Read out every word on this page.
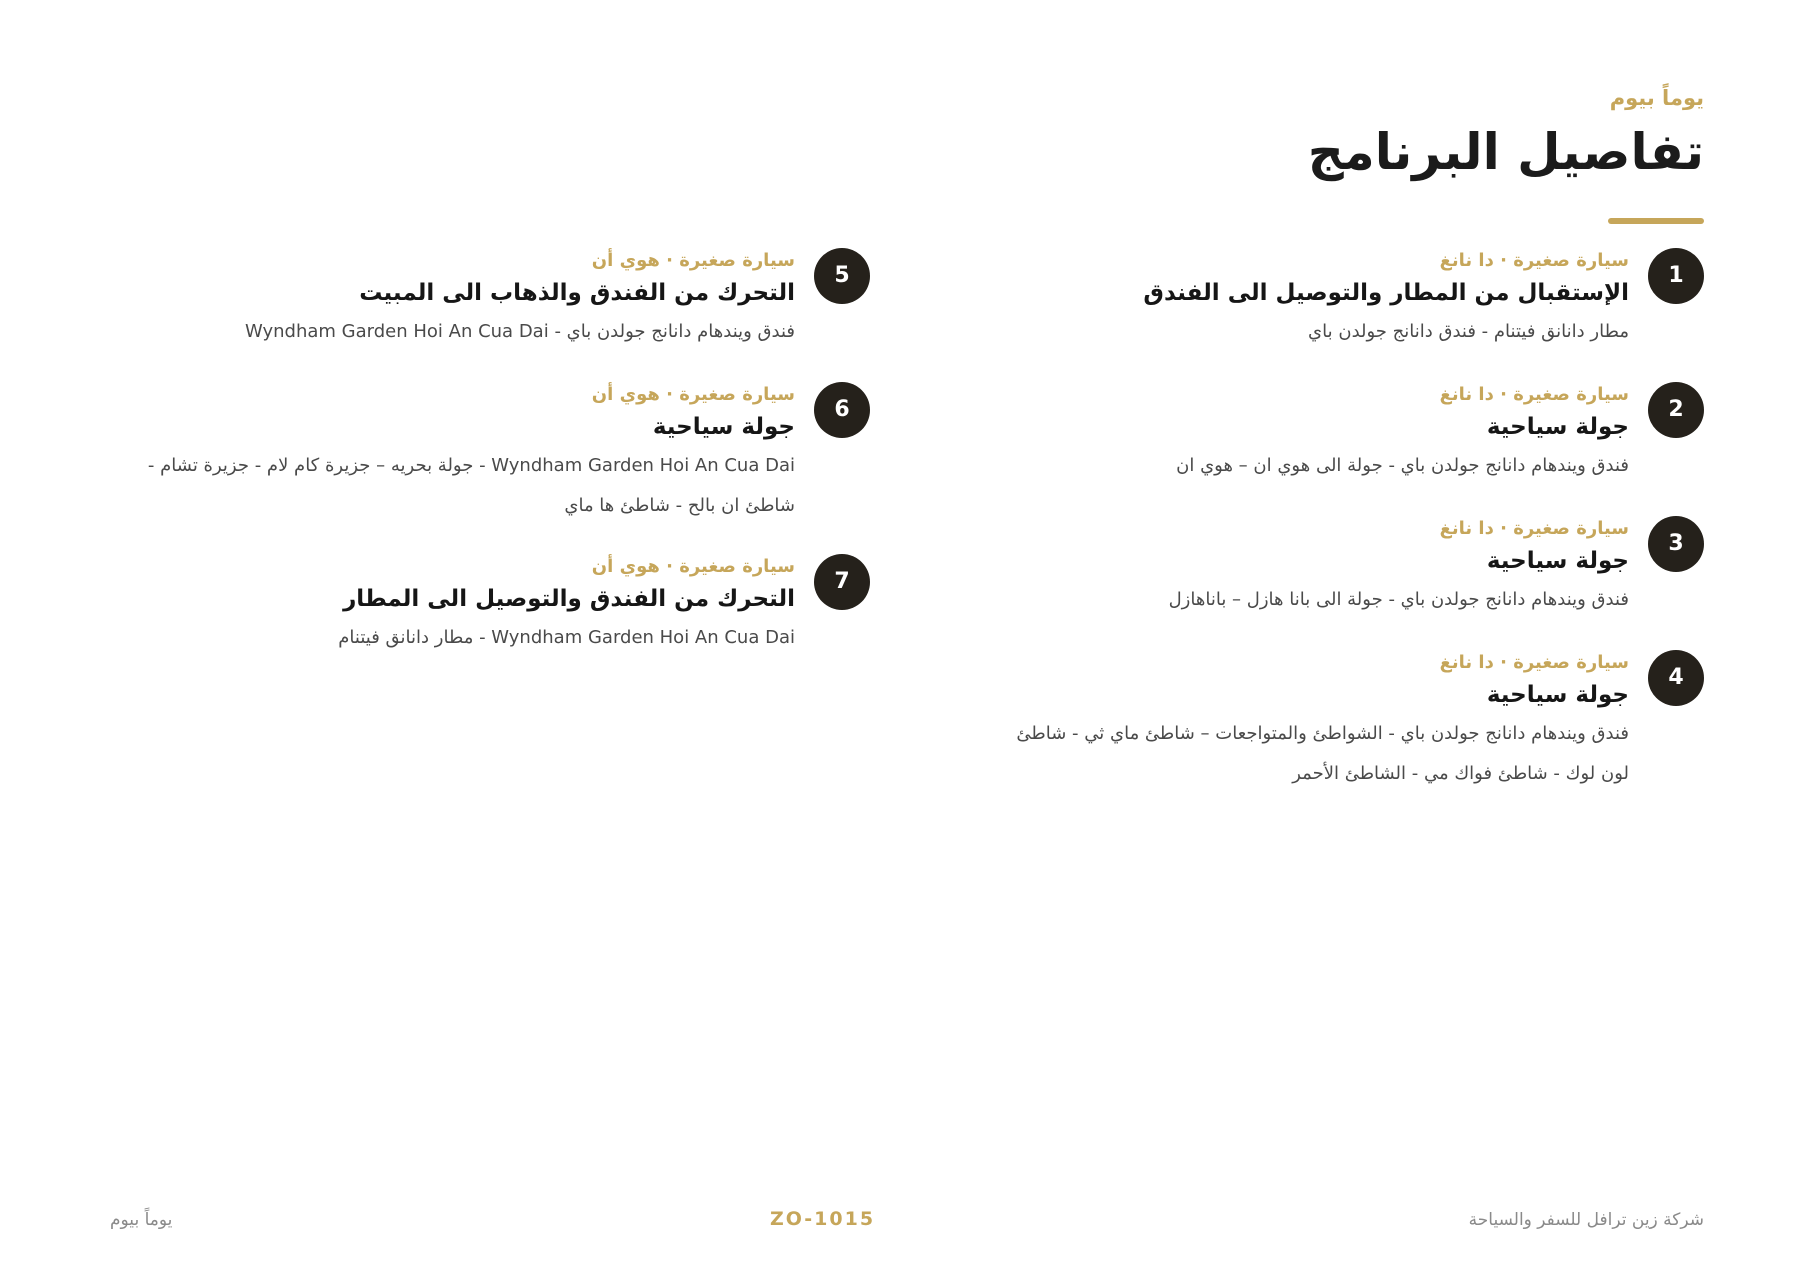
يوماً بيوم
تفاصيل البرنامج
1
سيارة صغيرة · دا نانغ
الإستقبال من المطار والتوصيل الى الفندق
مطار دانانق فيتنام - فندق دانانج جولدن باي
2
سيارة صغيرة · دا نانغ
جولة سياحية
فندق ويندهام دانانج جولدن باي - جولة الى هوي ان – هوي ان
3
سيارة صغيرة · دا نانغ
جولة سياحية
فندق ويندهام دانانج جولدن باي - جولة الى بانا هازل – باناهازل
4
سيارة صغيرة · دا نانغ
جولة سياحية
فندق ويندهام دانانج جولدن باي - الشواطئ والمتواجعات – شاطئ ماي ثي - شاطئ لون لوك - شاطئ فواك مي - الشاطئ الأحمر
5
سيارة صغيرة · هوي أن
التحرك من الفندق والذهاب الى المبيت
فندق ويندهام دانانج جولدن باي - Wyndham Garden Hoi An Cua Dai
6
سيارة صغيرة · هوي أن
جولة سياحية
Wyndham Garden Hoi An Cua Dai - جولة بحريه – جزيرة كام لام - جزيرة تشام - شاطئ ان بالح - شاطئ ها ماي
7
سيارة صغيرة · هوي أن
التحرك من الفندق والتوصيل الى المطار
Wyndham Garden Hoi An Cua Dai - مطار دانانق فيتنام
شركة زين ترافل للسفر والسياحة
ZO-1015
يوماً بيوم
